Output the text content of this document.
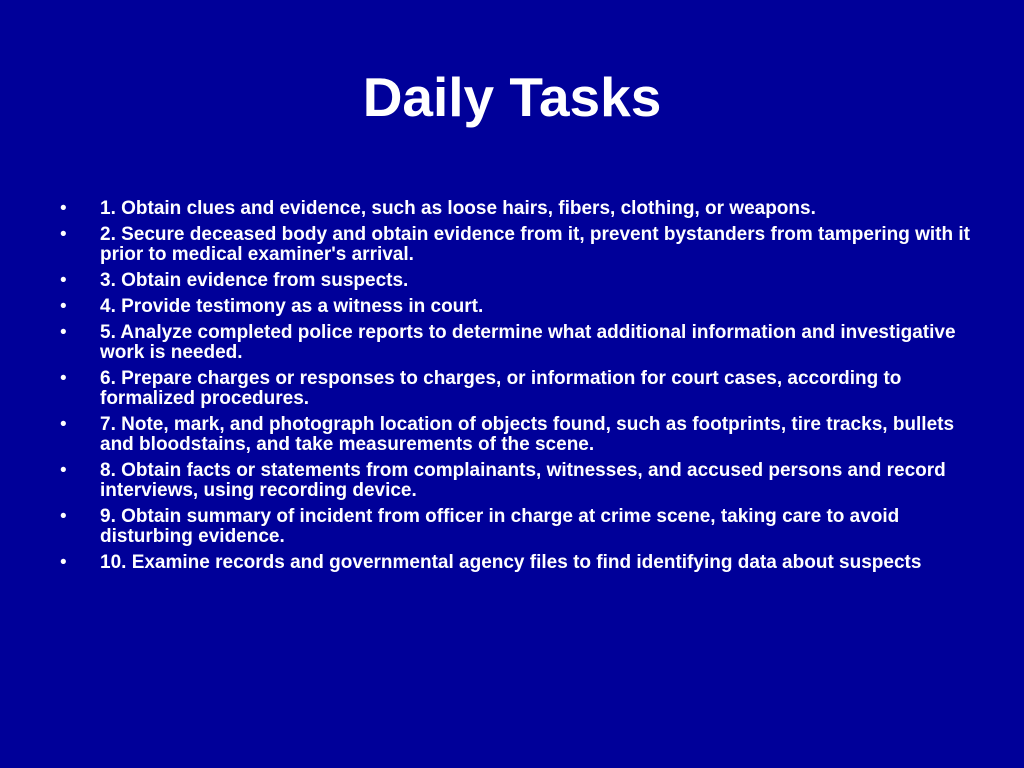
Daily Tasks
• 1. Obtain clues and evidence, such as loose hairs, fibers, clothing, or weapons.
• 2. Secure deceased body and obtain evidence from it, prevent bystanders from tampering with it prior to medical examiner's arrival.
• 3. Obtain evidence from suspects.
• 4. Provide testimony as a witness in court.
• 5. Analyze completed police reports to determine what additional information and investigative work is needed.
• 6. Prepare charges or responses to charges, or information for court cases, according to formalized procedures.
• 7. Note, mark, and photograph location of objects found, such as footprints, tire tracks, bullets and bloodstains, and take measurements of the scene.
• 8. Obtain facts or statements from complainants, witnesses, and accused persons and record interviews, using recording device.
• 9. Obtain summary of incident from officer in charge at crime scene, taking care to avoid disturbing evidence.
• 10. Examine records and governmental agency files to find identifying data about suspects
